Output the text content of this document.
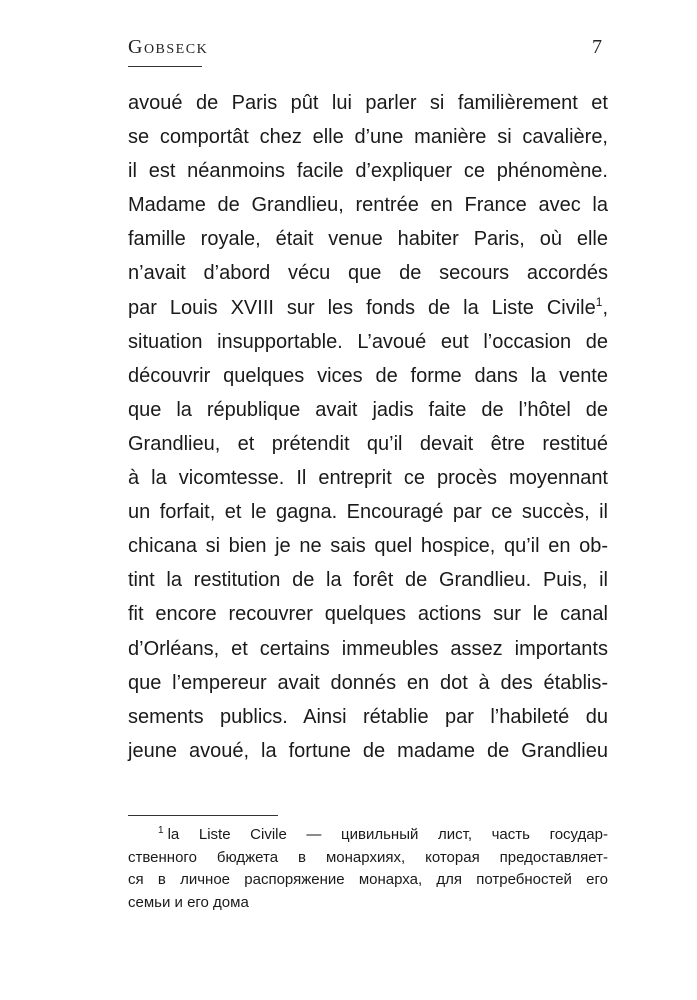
Gobseck	7
avoué de Paris pût lui parler si familièrement et
se comportât chez elle d’une manière si cavalière,
il est néanmoins facile d’expliquer ce phénomène.
Madame de Grandlieu, rentrée en France avec la
famille royale, était venue habiter Paris, où elle
n’avait d’abord vécu que de secours accordés
par Louis XVIII sur les fonds de la Liste Civile$^1$,
situation insupportable. L’avoué eut l’occasion de
découvrir quelques vices de forme dans la vente
que la république avait jadis faite de l’hôtel de
Grandlieu, et prétendit qu’il devait être restitué
à la vicomtesse. Il entreprit ce procès moyennant
un forfait, et le gagna. Encouragé par ce succès, il
chicana si bien je ne sais quel hospice, qu’il en ob-
tint la restitution de la forêt de Grandlieu. Puis, il
fit encore recouvrer quelques actions sur le canal
d’Orléans, et certains immeubles assez importants
que l’empereur avait donnés en dot à des établis-
sements publics. Ainsi rétablie par l’habileté du
jeune avoué, la fortune de madame de Grandlieu
$^1$ la Liste Civile — цивильный лист, часть государ-
ственного бюджета в монархиях, которая предоставляет-
ся в личное распоряжение монарха, для потребностей его
семьи и его дома
